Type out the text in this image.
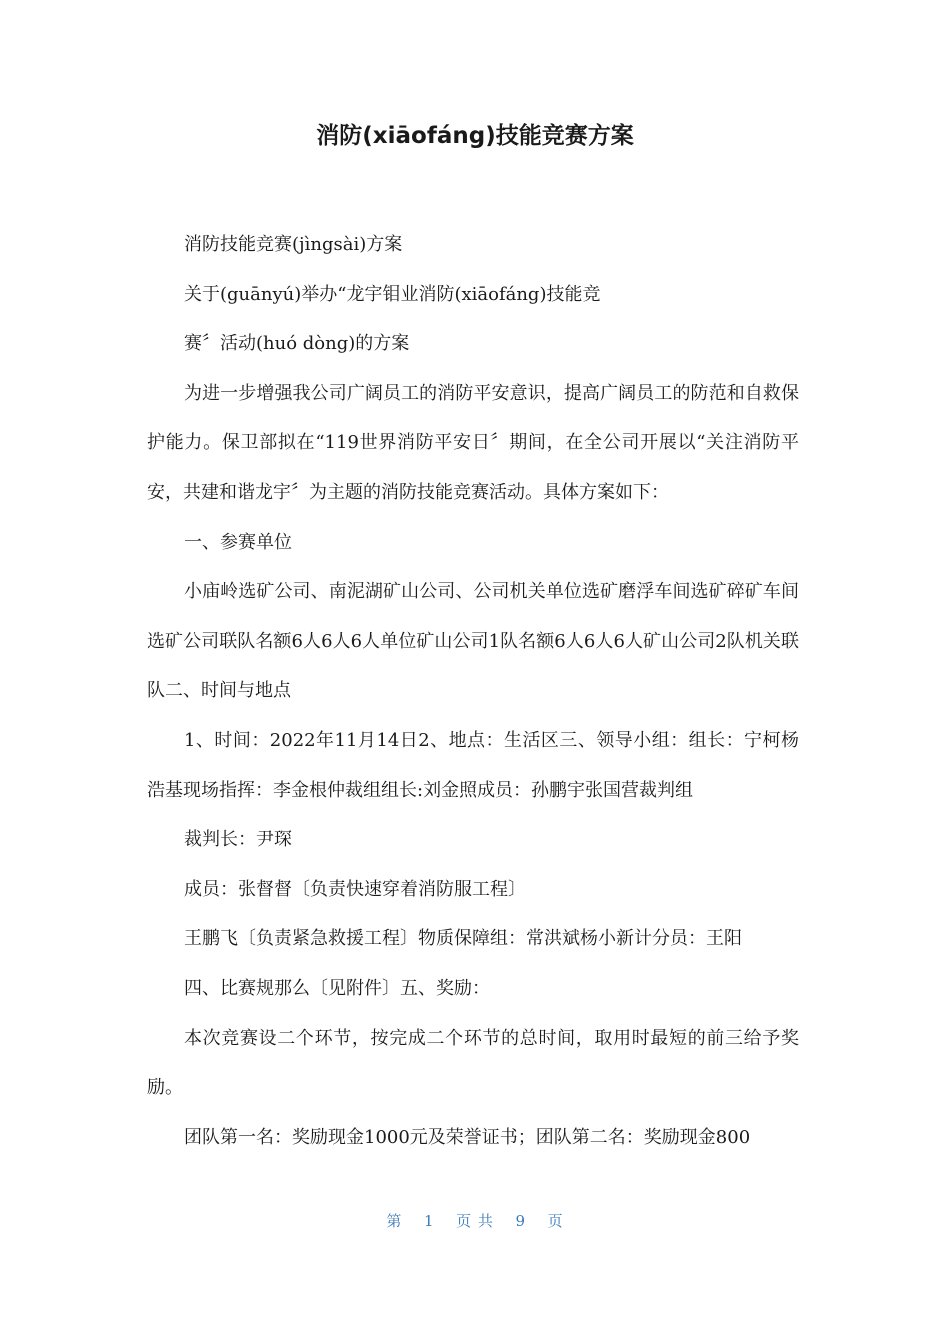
消防(xiāofáng)技能竞赛方案

消防技能竞赛(jìngsài)方案

关于(guānyú)举办“龙宇钼业消防(xiāofáng)技能竞

赛〞活动(huó dòng)的方案

为进一步增强我公司广阔员工的消防平安意识，提高广阔员工的防范和自救保护能力。保卫部拟在“119世界消防平安日〞期间，在全公司开展以“关注消防平安，共建和谐龙宇〞为主题的消防技能竞赛活动。具体方案如下：

一、参赛单位

小庙岭选矿公司、南泥湖矿山公司、公司机关单位选矿磨浮车间选矿碎矿车间选矿公司联队名额6人6人6人单位矿山公司1队名额6人6人6人矿山公司2队机关联队二、时间与地点

1、时间：2022年11月14日2、地点：生活区三、领导小组：组长：宁柯杨浩基现场指挥：李金根仲裁组组长:刘金照成员：孙鹏宇张国营裁判组

裁判长：尹琛

成员：张督督〔负责快速穿着消防服工程〕

王鹏飞〔负责紧急救援工程〕物质保障组：常洪斌杨小新计分员：王阳

四、比赛规那么〔见附件〕五、奖励：

本次竞赛设二个环节，按完成二个环节的总时间，取用时最短的前三给予奖励。

团队第一名：奖励现金1000元及荣誉证书；团队第二名：奖励现金800

第 1 页 共 9 页
